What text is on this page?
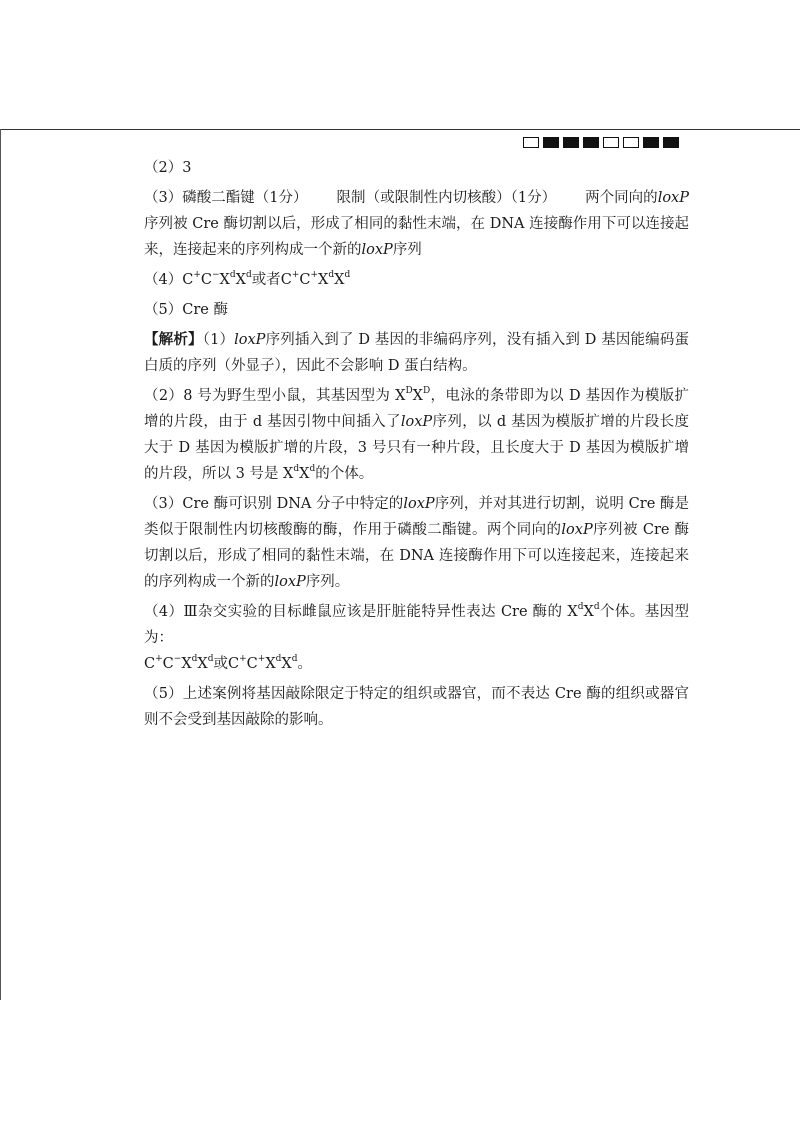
（2）3

（3）磷酸二酯键（1分） 限制（或限制性内切核酸）（1分） 两个同向的loxP序列被 Cre 酶切割以后，形成了相同的黏性末端，在 DNA 连接酶作用下可以连接起来，连接起来的序列构成一个新的loxP序列

$(4)C^+C^-X^dX^d$或者$C^+C^+X^dX^d$

（5）Cre 酶

【解析】（1）loxP序列插入到了 D 基因的非编码序列，没有插入到 D 基因能编码蛋白质的序列（外显子），因此不会影响 D 蛋白结构。

（2）8 号为野生型小鼠，其基因型为 $X^DX^D$，电泳的条带即为以 D 基因作为模版扩增的片段，由于 d 基因引物中间插入了loxP序列，以 d 基因为模版扩增的片段长度大于 D 基因为模版扩增的片段，3 号只有一种片段，且长度大于 D 基因为模版扩增的片段，所以 3 号是 $X^dX^d$的个体。

（3）Cre 酶可识别 DNA 分子中特定的loxP序列，并对其进行切割，说明 Cre 酶是类似于限制性内切核酸酶的酶，作用于磷酸二酯键。两个同向的loxP序列被 Cre 酶切割以后，形成了相同的黏性末端，在 DNA 连接酶作用下可以连接起来，连接起来的序列构成一个新的loxP序列。

（4）Ⅲ杂交实验的目标雌鼠应该是肝脏能特异性表达 Cre 酶的 $X^dX^d$个体。基因型为：
$C^+C^-X^dX^d$或$C^+C^+X^dX^d$。

（5）上述案例将基因敲除限定于特定的组织或器官，而不表达 Cre 酶的组织或器官则不会受到基因敲除的影响。
